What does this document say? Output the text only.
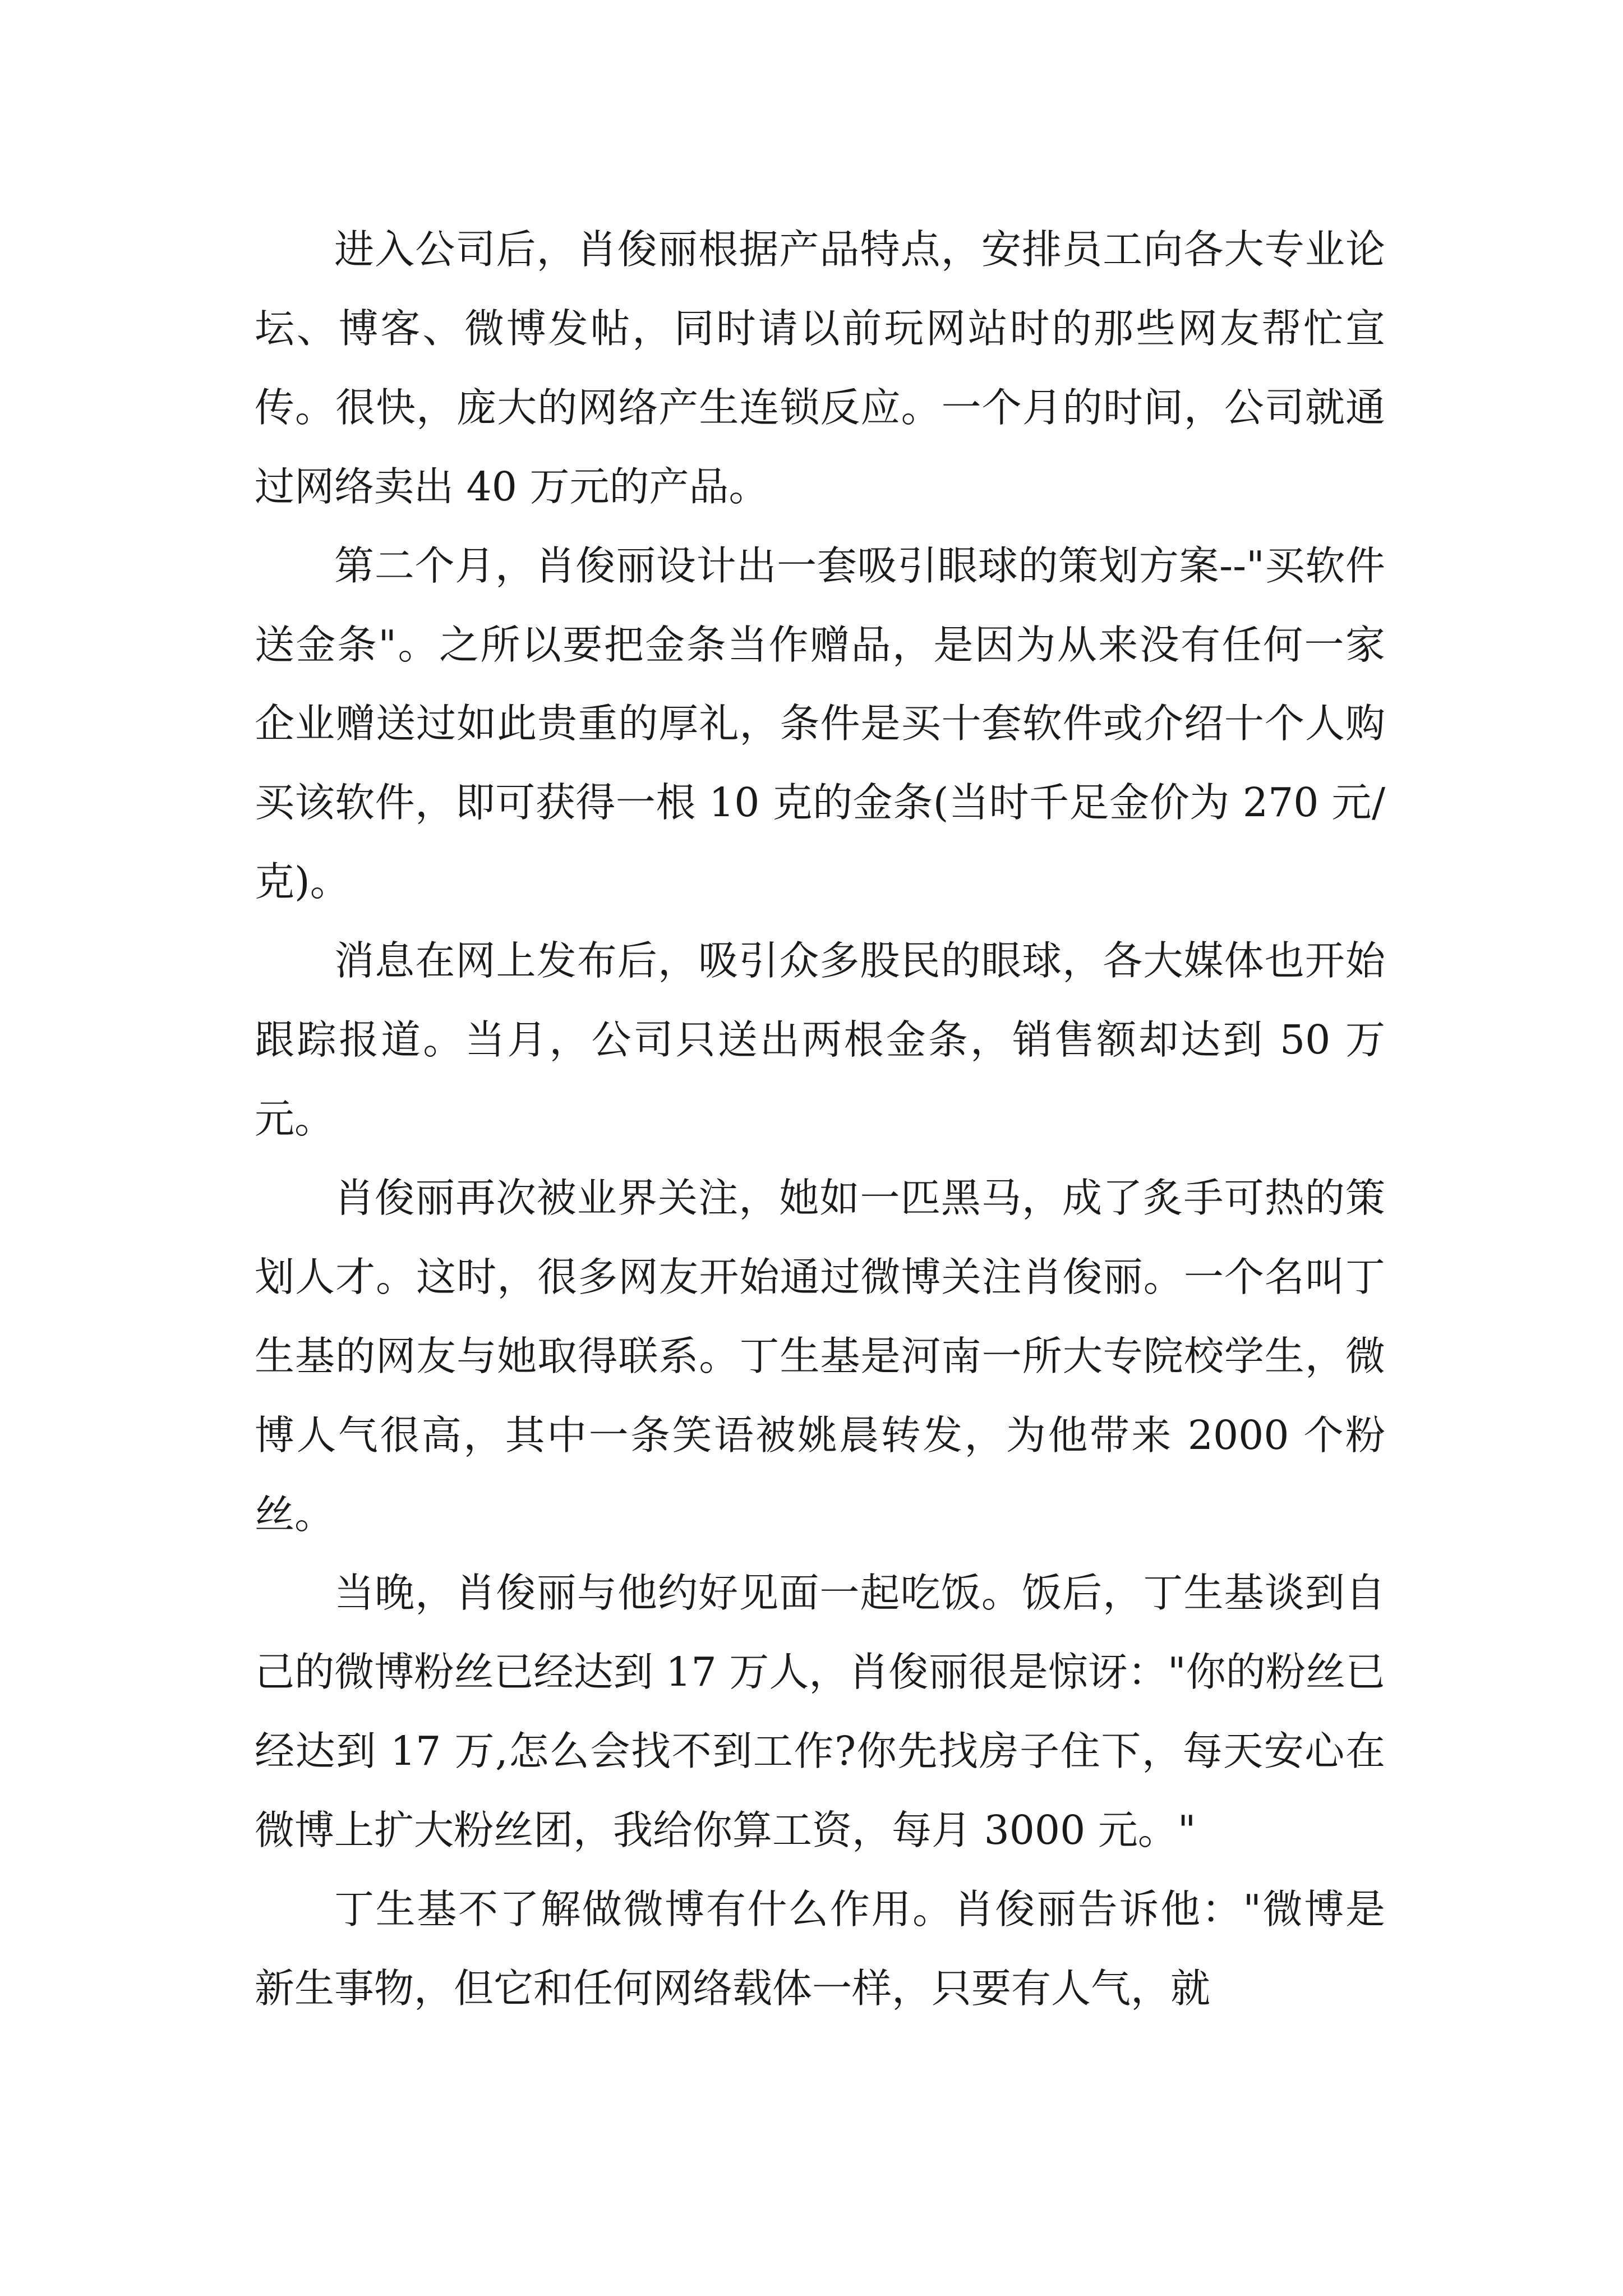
进入公司后，肖俊丽根据产品特点，安排员工向各大专业论坛、博客、微博发帖，同时请以前玩网站时的那些网友帮忙宣传。很快，庞大的网络产生连锁反应。一个月的时间，公司就通过网络卖出 40 万元的产品。

第二个月，肖俊丽设计出一套吸引眼球的策划方案--"买软件送金条"。之所以要把金条当作赠品，是因为从来没有任何一家企业赠送过如此贵重的厚礼，条件是买十套软件或介绍十个人购买该软件，即可获得一根 10 克的金条(当时千足金价为 270 元/克)。

消息在网上发布后，吸引众多股民的眼球，各大媒体也开始跟踪报道。当月，公司只送出两根金条，销售额却达到 50 万元。

肖俊丽再次被业界关注，她如一匹黑马，成了炙手可热的策划人才。这时，很多网友开始通过微博关注肖俊丽。一个名叫丁生基的网友与她取得联系。丁生基是河南一所大专院校学生，微博人气很高，其中一条笑语被姚晨转发，为他带来 2000 个粉丝。

当晚，肖俊丽与他约好见面一起吃饭。饭后，丁生基谈到自己的微博粉丝已经达到 17 万人，肖俊丽很是惊讶："你的粉丝已经达到 17 万,怎么会找不到工作?你先找房子住下，每天安心在微博上扩大粉丝团，我给你算工资，每月 3000 元。"

丁生基不了解做微博有什么作用。肖俊丽告诉他："微博是新生事物，但它和任何网络载体一样，只要有人气，就
